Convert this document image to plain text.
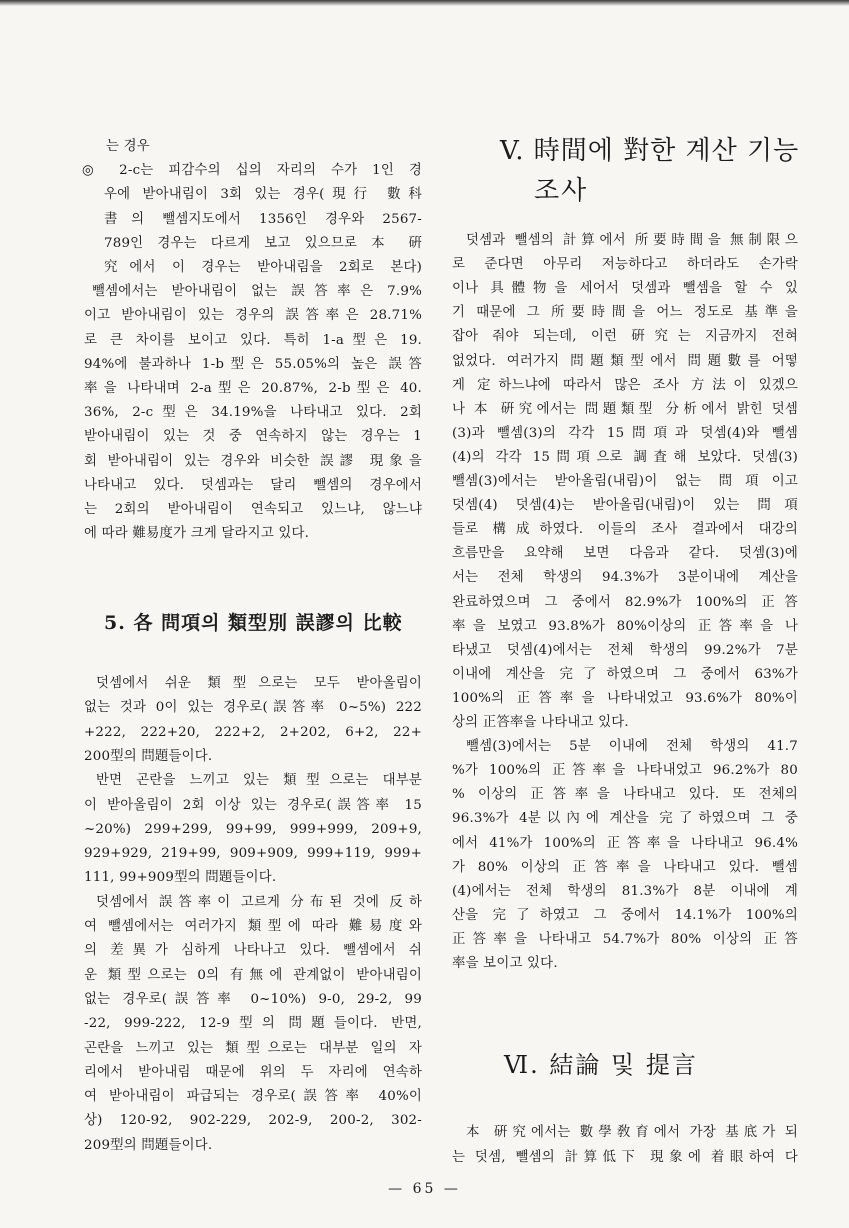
는 경우
◎ 2-c는 피감수의 십의 자리의 수가 1인 경
우에 받아내림이 3회 있는 경우(現行 數科
書의 뺄셈지도에서 1356인 경우와 2567-
789인 경우는 다르게 보고 있으므로 本 硏
究에서 이 경우는 받아내림을 2회로 본다)
뺄셈에서는 받아내림이 없는 誤答率은 7.9%
이고 받아내림이 있는 경우의 誤答率은 28.71%
로 큰 차이를 보이고 있다. 특히 1-a型은 19.
94%에 불과하나 1-b型은 55.05%의 높은 誤答
率을 나타내며 2-a型은 20.87%, 2-b型은 40.
36%, 2-c型은 34.19%을 나타내고 있다. 2회
받아내림이 있는 것 중 연속하지 않는 경우는 1
회 받아내림이 있는 경우와 비슷한 誤謬 現象을
나타내고 있다. 덧셈과는 달리 뺄셈의 경우에서
는 2회의 받아내림이 연속되고 있느냐, 않느냐
에 따라 難易度가 크게 달라지고 있다.
5. 各 問項의 類型別 誤謬의 比較
덧셈에서 쉬운 類型으로는 모두 받아올림이
없는 것과 0이 있는 경우로(誤答率 0~5%) 222
+222, 222+20, 222+2, 2+202, 6+2, 22+
200型의 問題들이다.
반면 곤란을 느끼고 있는 類型으로는 대부분
이 받아올림이 2회 이상 있는 경우로(誤答率 15
~20%) 299+299, 99+99, 999+999, 209+9,
929+929, 219+99, 909+909, 999+119, 999+
111, 99+909型의 問題들이다.
덧셈에서 誤答率이 고르게 分布된 것에 反하
여 뺄셈에서는 여러가지 類型에 따라 難易度와
의 差異가 심하게 나타나고 있다. 뺄셈에서 쉬
운 類型으로는 0의 有無에 관계없이 받아내림이
없는 경우로(誤答率 0~10%) 9-0, 29-2, 99
-22, 999-222, 12-9型의 問題들이다. 반면,
곤란을 느끼고 있는 類型으로는 대부분 일의 자
리에서 받아내림 때문에 위의 두 자리에 연속하
여 받아내림이 파급되는 경우로(誤答率 40%이
상) 120-92, 902-229, 202-9, 200-2, 302-
209型의 問題들이다.
V. 時間에 對한 계산 기능
조사
덧셈과 뺄셈의 計算에서 所要時間을 無制限으
로 준다면 아무리 저능하다고 하더라도 손가락
이나 具體物을 세어서 덧셈과 뺄셈을 할 수 있
기 때문에 그 所要時間을 어느 정도로 基準을
잡아 줘야 되는데, 이런 硏究는 지금까지 전혀
없었다. 여러가지 問題類型에서 問題數를 어떻
게 定하느냐에 따라서 많은 조사 方法이 있겠으
나 本 硏究에서는 問題類型 分析에서 밝힌 덧셈
(3)과 뺄셈(3)의 각각 15問項과 덧셈(4)와 뺄셈
(4)의 각각 15問項으로 調査해 보았다. 덧셈(3)
뺄셈(3)에서는 받아올림(내림)이 없는 問項이고
덧셈(4) 덧셈(4)는 받아올림(내림)이 있는 問項
들로 構成하였다. 이들의 조사 결과에서 대강의
흐름만을 요약해 보면 다음과 같다. 덧셈(3)에
서는 전체 학생의 94.3%가 3분이내에 계산을
완료하였으며 그 중에서 82.9%가 100%의 正答
率을 보였고 93.8%가 80%이상의 正答率을 나
타냈고 덧셈(4)에서는 전체 학생의 99.2%가 7분
이내에 계산을 完了하였으며 그 중에서 63%가
100%의 正答率을 나타내었고 93.6%가 80%이
상의 正答率을 나타내고 있다.
뺄셈(3)에서는 5분 이내에 전체 학생의 41.7
%가 100%의 正答率을 나타내었고 96.2%가 80
% 이상의 正答率을 나타내고 있다. 또 전체의
96.3%가 4분以內에 계산을 完了하였으며 그 중
에서 41%가 100%의 正答率을 나타내고 96.4%
가 80% 이상의 正答率을 나타내고 있다. 뺄셈
(4)에서는 전체 학생의 81.3%가 8분 이내에 계
산을 完了하였고 그 중에서 14.1%가 100%의
正答率을 나타내고 54.7%가 80% 이상의 正答
率을 보이고 있다.
Ⅵ. 結論 및 提言
本 硏究에서는 數學敎育에서 가장 基底가 되
는 덧셈, 뺄셈의 計算低下 現象에 着眼하여 다
— 65 —
